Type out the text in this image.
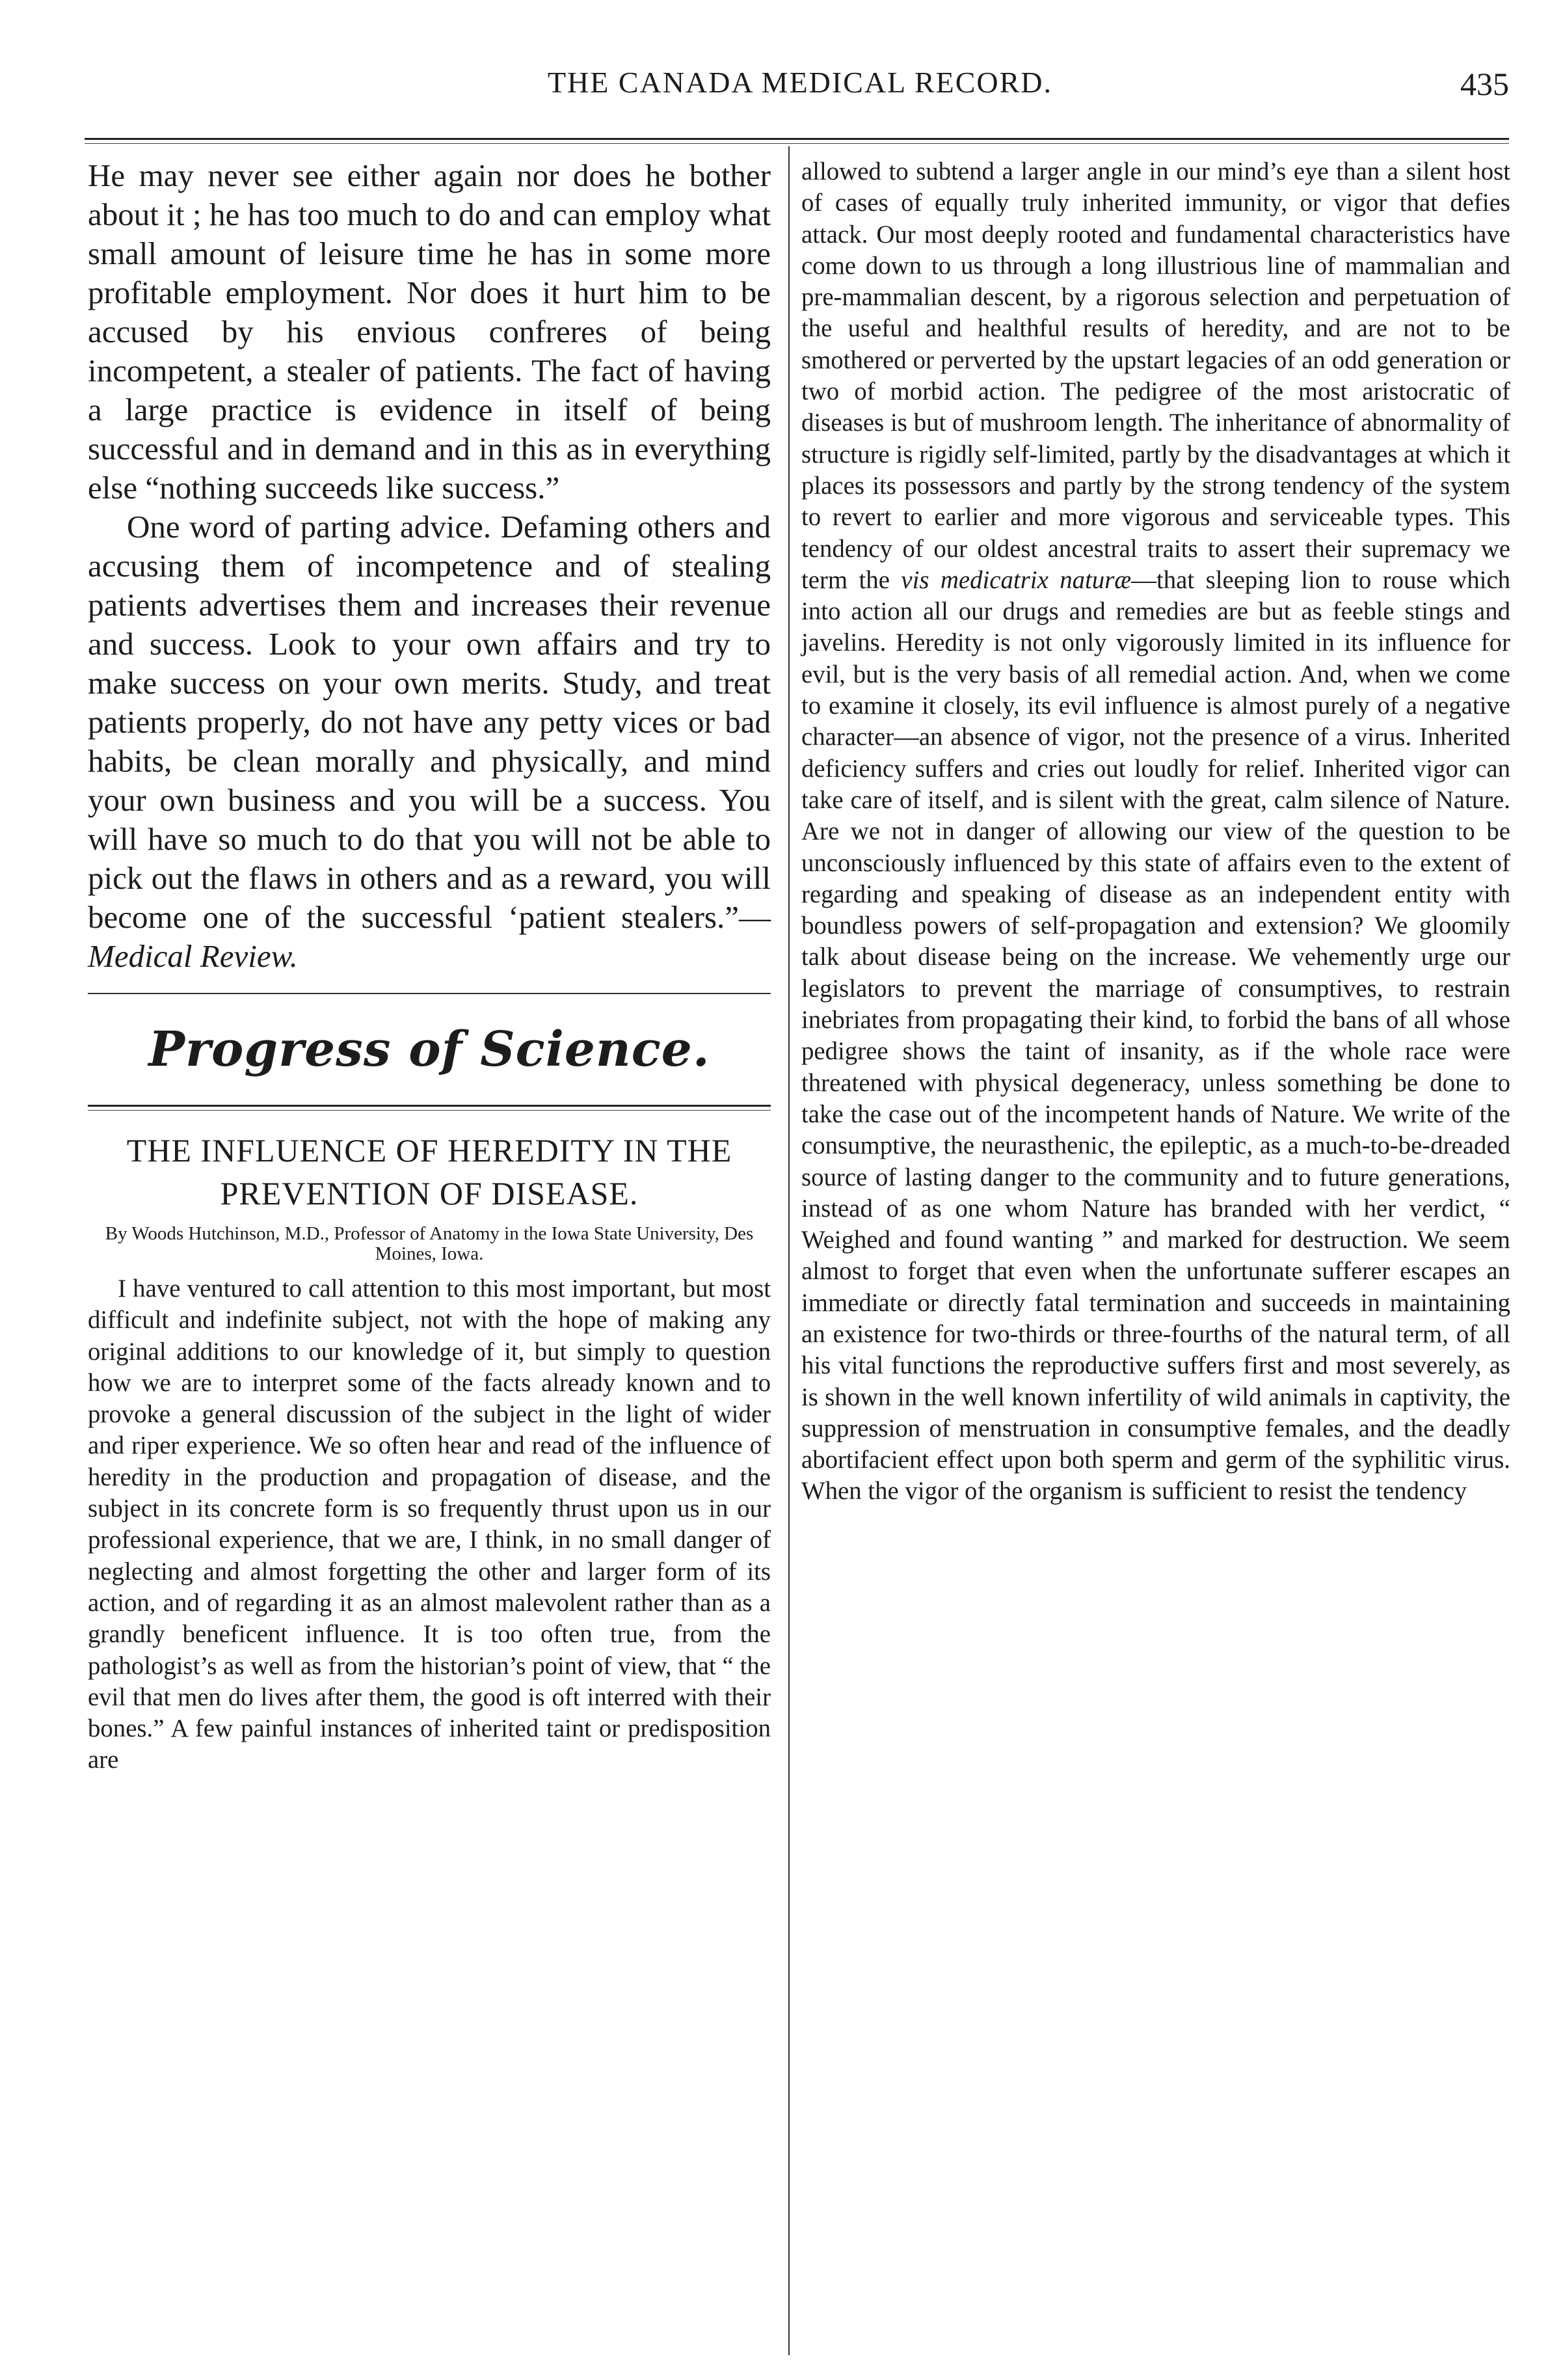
THE CANADA MEDICAL RECORD.	435

He may never see either again nor does he bother about it ; he has too much to do and can employ what small amount of leisure time he has in some more profitable employment. Nor does it hurt him to be accused by his envious confreres of being incompetent, a stealer of patients. The fact of having a large practice is evidence in itself of being successful and in demand and in this as in everything else “nothing succeeds like success.”

One word of parting advice. Defaming others and accusing them of incompetence and of stealing patients advertises them and increases their revenue and success. Look to your own affairs and try to make success on your own merits. Study, and treat patients properly, do not have any petty vices or bad habits, be clean morally and physically, and mind your own business and you will be a success. You will have so much to do that you will not be able to pick out the flaws in others and as a reward, you will become one of the successful ‘patient stealers.”—Medical Review.

Progress of Science.
THE INFLUENCE OF HEREDITY IN THE PREVENTION OF DISEASE.
By Woods Hutchinson, M.D., Professor of Anatomy in the Iowa State University, Des Moines, Iowa.

I have ventured to call attention to this most important, but most difficult and indefinite subject, not with the hope of making any original additions to our knowledge of it, but simply to question how we are to interpret some of the facts already known and to provoke a general discussion of the subject in the light of wider and riper experience. We so often hear and read of the influence of heredity in the production and propagation of disease, and the subject in its concrete form is so frequently thrust upon us in our professional experience, that we are, I think, in no small danger of neglecting and almost forgetting the other and larger form of its action, and of regarding it as an almost malevolent rather than as a grandly beneficent influence. It is too often true, from the pathologist’s as well as from the historian’s point of view, that “ the evil that men do lives after them, the good is oft interred with their bones.” A few painful instances of inherited taint or predisposition are

allowed to subtend a larger angle in our mind’s eye than a silent host of cases of equally truly inherited immunity, or vigor that defies attack. Our most deeply rooted and fundamental characteristics have come down to us through a long illustrious line of mammalian and pre-mammalian descent, by a rigorous selection and perpetuation of the useful and healthful results of heredity, and are not to be smothered or perverted by the upstart legacies of an odd generation or two of morbid action. The pedigree of the most aristocratic of diseases is but of mushroom length. The inheritance of abnormality of structure is rigidly self-limited, partly by the disadvantages at which it places its possessors and partly by the strong tendency of the system to revert to earlier and more vigorous and serviceable types. This tendency of our oldest ancestral traits to assert their supremacy we term the vis medicatrix naturæ—that sleeping lion to rouse which into action all our drugs and remedies are but as feeble stings and javelins. Heredity is not only vigorously limited in its influence for evil, but is the very basis of all remedial action. And, when we come to examine it closely, its evil influence is almost purely of a negative character—an absence of vigor, not the presence of a virus. Inherited deficiency suffers and cries out loudly for relief. Inherited vigor can take care of itself, and is silent with the great, calm silence of Nature. Are we not in danger of allowing our view of the question to be unconsciously influenced by this state of affairs even to the extent of regarding and speaking of disease as an independent entity with boundless powers of self-propagation and extension? We gloomily talk about disease being on the increase. We vehemently urge our legislators to prevent the marriage of consumptives, to restrain inebriates from propagating their kind, to forbid the bans of all whose pedigree shows the taint of insanity, as if the whole race were threatened with physical degeneracy, unless something be done to take the case out of the incompetent hands of Nature. We write of the consumptive, the neurasthenic, the epileptic, as a much-to-be-dreaded source of lasting danger to the community and to future generations, instead of as one whom Nature has branded with her verdict, “ Weighed and found wanting ” and marked for destruction. We seem almost to forget that even when the unfortunate sufferer escapes an immediate or directly fatal termination and succeeds in maintaining an existence for two-thirds or three-fourths of the natural term, of all his vital functions the reproductive suffers first and most severely, as is shown in the well known infertility of wild animals in captivity, the suppression of menstruation in consumptive females, and the deadly abortifacient effect upon both sperm and germ of the syphilitic virus. When the vigor of the organism is sufficient to resist the tendency
